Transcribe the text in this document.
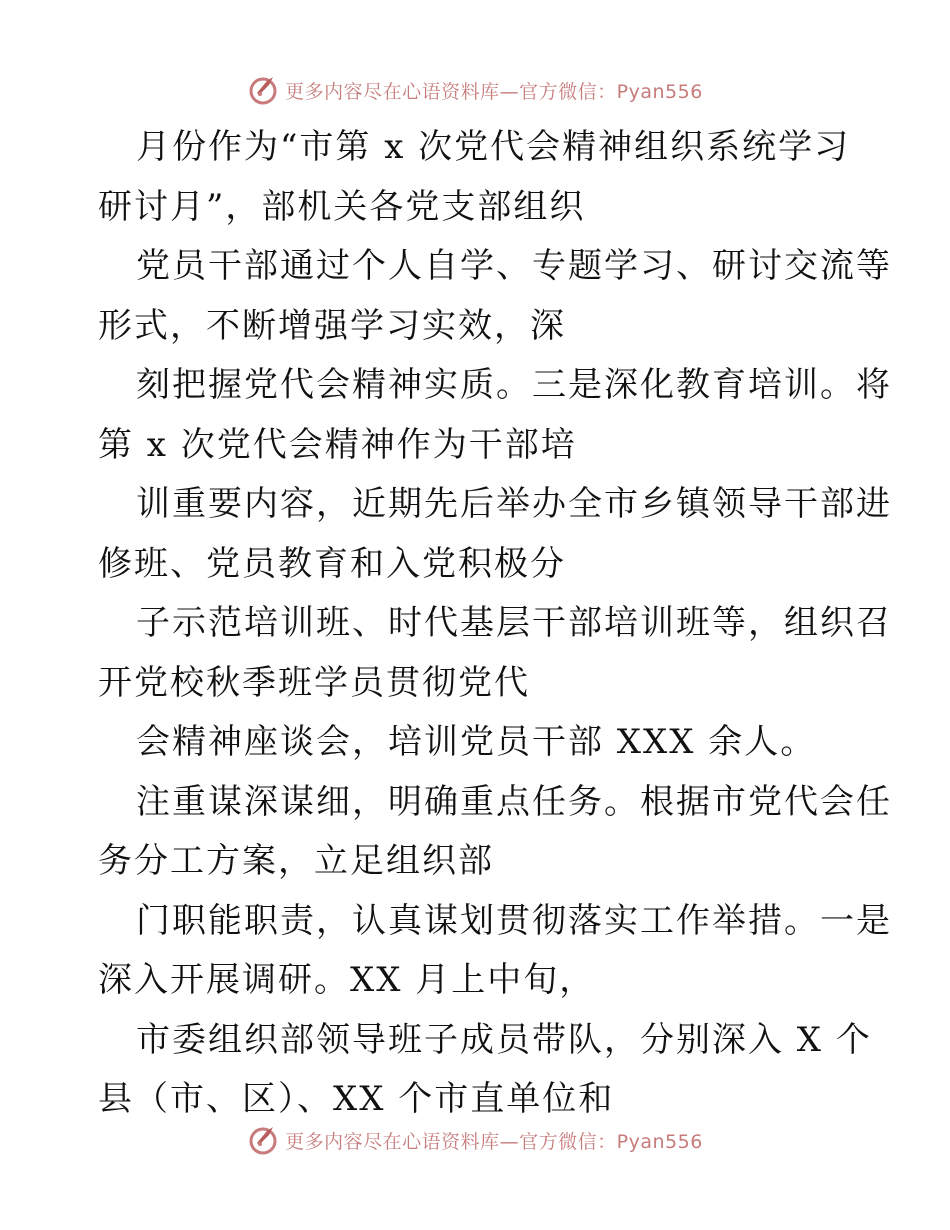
更多内容尽在心语资料库—官方微信：Pyan556
月份作为“市第 x 次党代会精神组织系统学习
研讨月”，部机关各党支部组织
党员干部通过个人自学、专题学习、研讨交流等
形式，不断增强学习实效，深
刻把握党代会精神实质。三是深化教育培训。将
第 x 次党代会精神作为干部培
训重要内容，近期先后举办全市乡镇领导干部进
修班、党员教育和入党积极分
子示范培训班、时代基层干部培训班等，组织召
开党校秋季班学员贯彻党代
会精神座谈会，培训党员干部 XXX 余人。
注重谋深谋细，明确重点任务。根据市党代会任
务分工方案，立足组织部
门职能职责，认真谋划贯彻落实工作举措。一是
深入开展调研。XX 月上中旬，
市委组织部领导班子成员带队，分别深入 X 个
县（市、区）、XX 个市直单位和
更多内容尽在心语资料库—官方微信：Pyan556
